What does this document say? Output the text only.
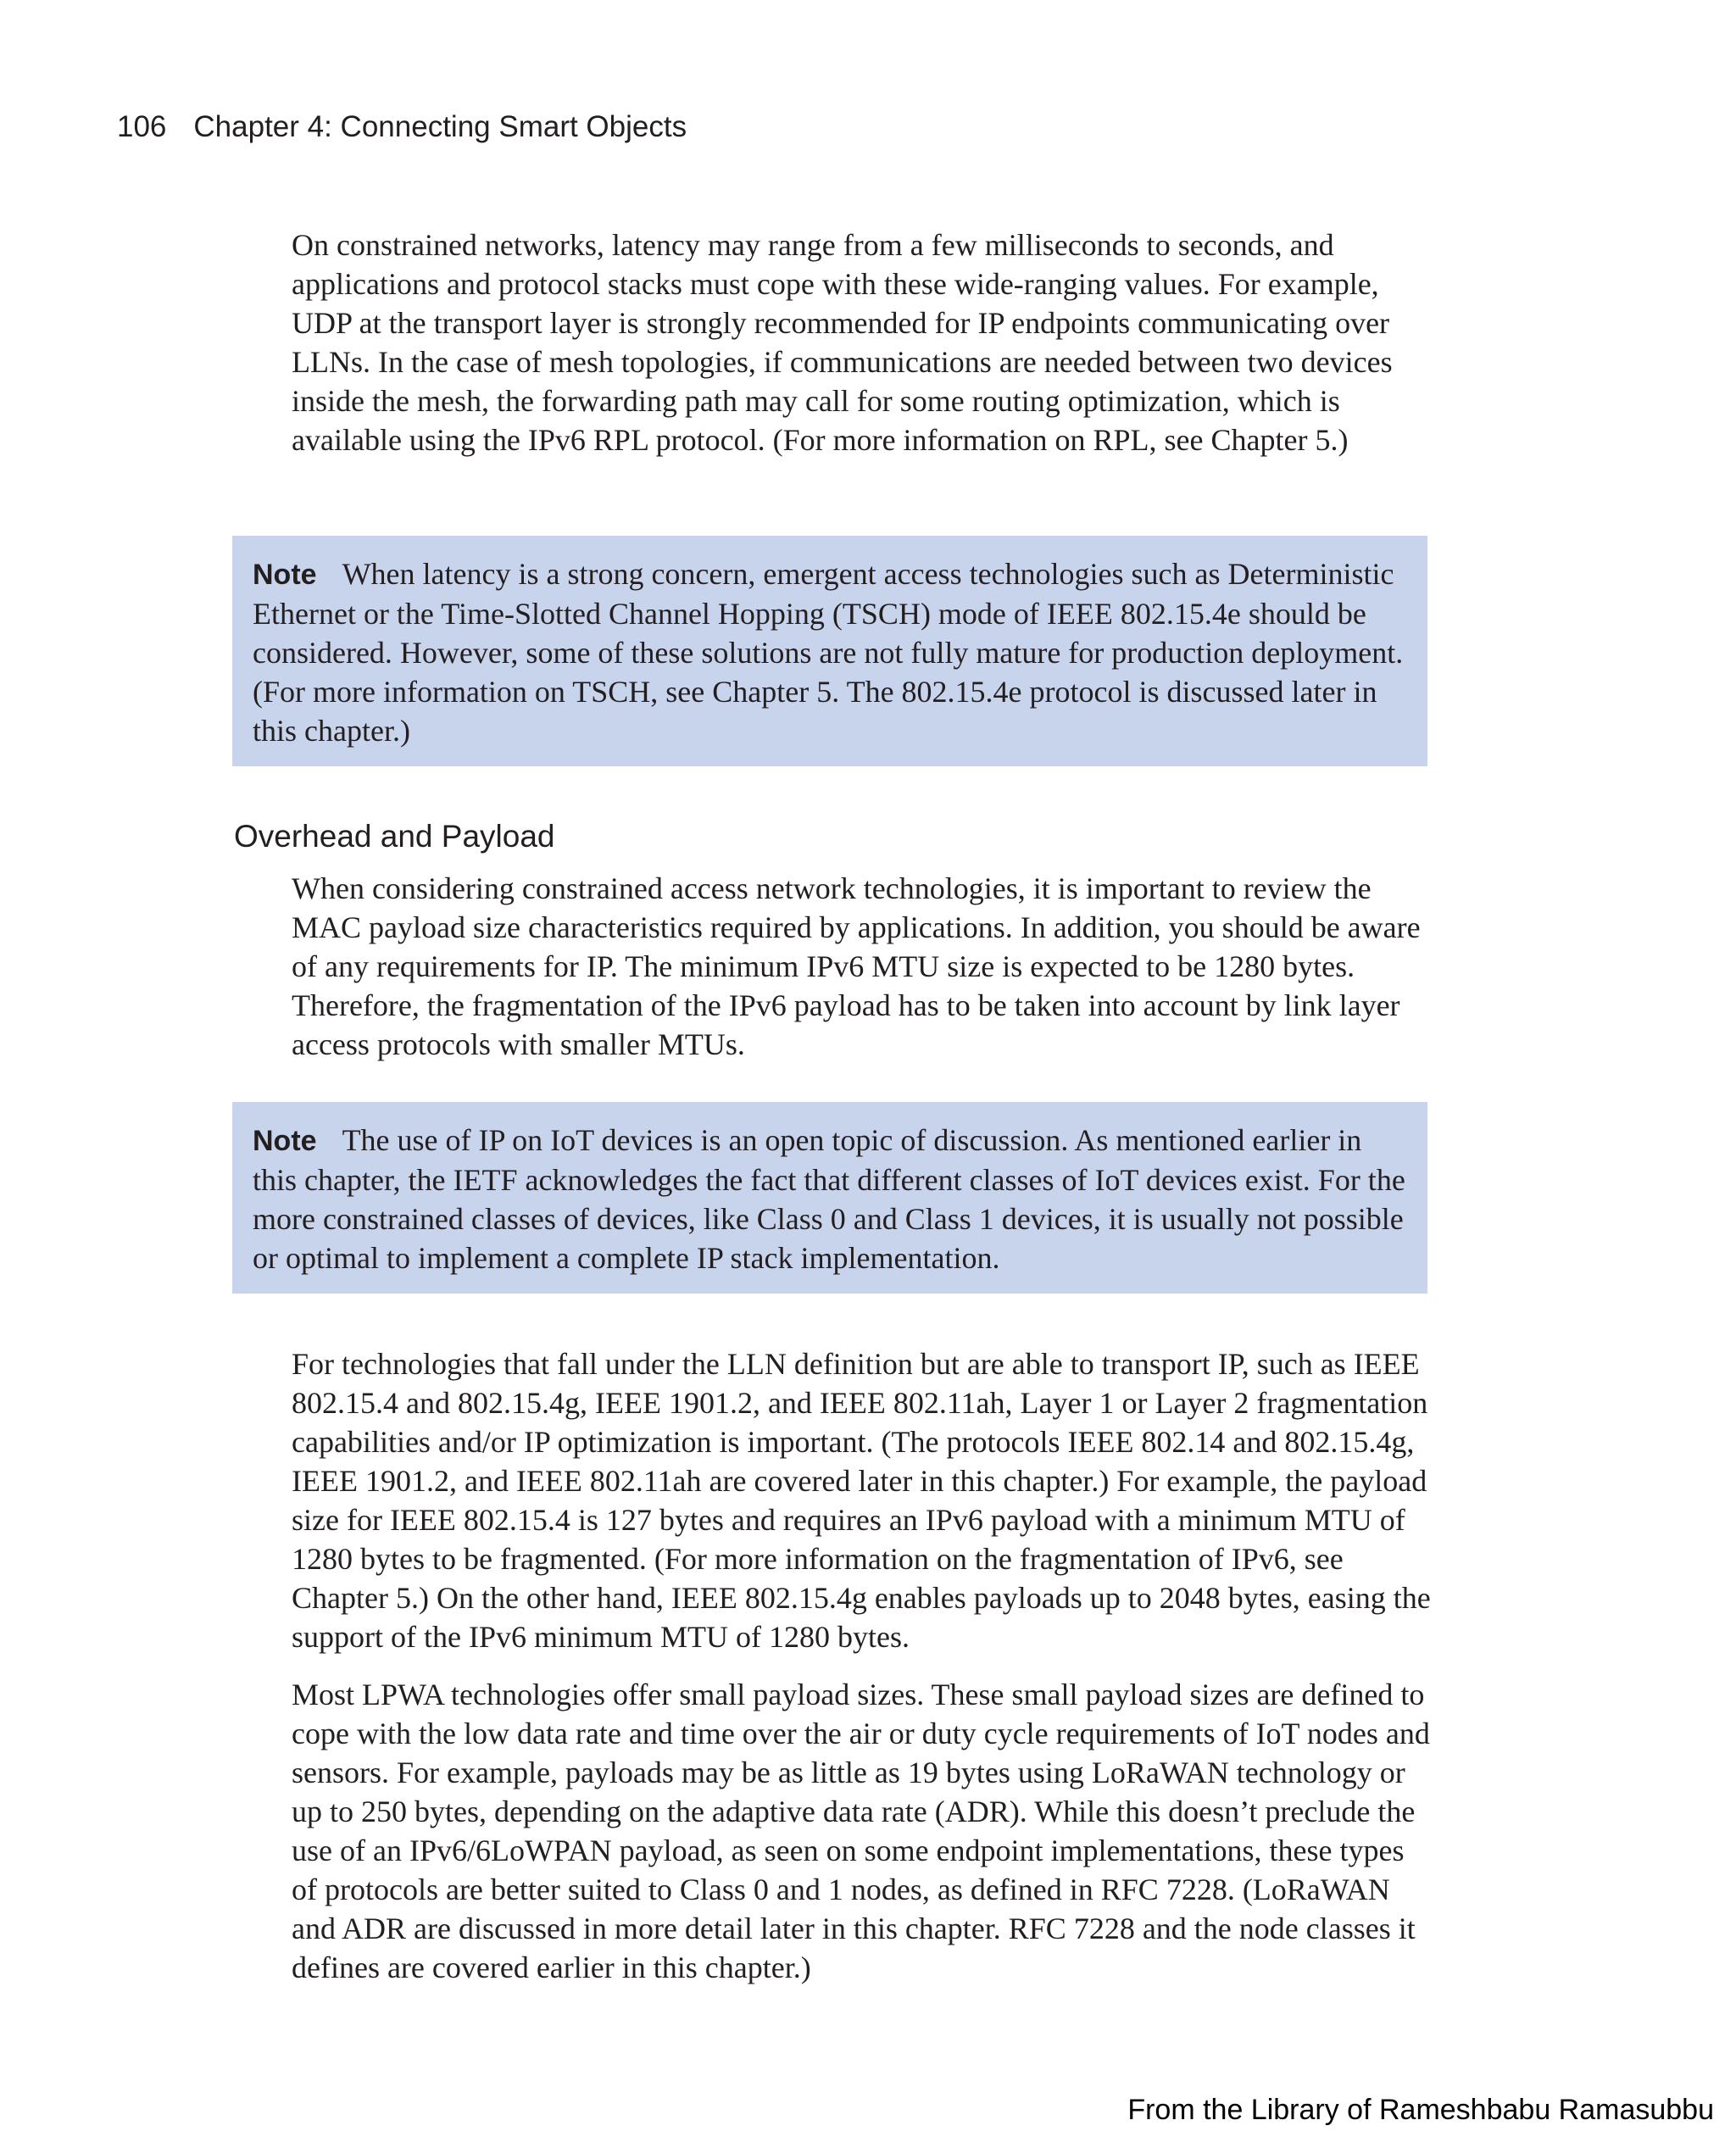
106 Chapter 4: Connecting Smart Objects

On constrained networks, latency may range from a few milliseconds to seconds, and applications and protocol stacks must cope with these wide-ranging values. For example, UDP at the transport layer is strongly recommended for IP endpoints communicating over LLNs. In the case of mesh topologies, if communications are needed between two devices inside the mesh, the forwarding path may call for some routing optimization, which is available using the IPv6 RPL protocol. (For more information on RPL, see Chapter 5.)

Note When latency is a strong concern, emergent access technologies such as Deterministic Ethernet or the Time-Slotted Channel Hopping (TSCH) mode of IEEE 802.15.4e should be considered. However, some of these solutions are not fully mature for production deployment. (For more information on TSCH, see Chapter 5. The 802.15.4e protocol is discussed later in this chapter.)
Overhead and Payload

When considering constrained access network technologies, it is important to review the MAC payload size characteristics required by applications. In addition, you should be aware of any requirements for IP. The minimum IPv6 MTU size is expected to be 1280 bytes. Therefore, the fragmentation of the IPv6 payload has to be taken into account by link layer access protocols with smaller MTUs.

Note The use of IP on IoT devices is an open topic of discussion. As mentioned earlier in this chapter, the IETF acknowledges the fact that different classes of IoT devices exist. For the more constrained classes of devices, like Class 0 and Class 1 devices, it is usually not possible or optimal to implement a complete IP stack implementation.

For technologies that fall under the LLN definition but are able to transport IP, such as IEEE 802.15.4 and 802.15.4g, IEEE 1901.2, and IEEE 802.11ah, Layer 1 or Layer 2 fragmentation capabilities and/or IP optimization is important. (The protocols IEEE 802.14 and 802.15.4g, IEEE 1901.2, and IEEE 802.11ah are covered later in this chapter.) For example, the payload size for IEEE 802.15.4 is 127 bytes and requires an IPv6 payload with a minimum MTU of 1280 bytes to be fragmented. (For more information on the fragmentation of IPv6, see Chapter 5.) On the other hand, IEEE 802.15.4g enables payloads up to 2048 bytes, easing the support of the IPv6 minimum MTU of 1280 bytes.

Most LPWA technologies offer small payload sizes. These small payload sizes are defined to cope with the low data rate and time over the air or duty cycle requirements of IoT nodes and sensors. For example, payloads may be as little as 19 bytes using LoRaWAN technology or up to 250 bytes, depending on the adaptive data rate (ADR). While this doesn’t preclude the use of an IPv6/6LoWPAN payload, as seen on some endpoint implementations, these types of protocols are better suited to Class 0 and 1 nodes, as defined in RFC 7228. (LoRaWAN and ADR are discussed in more detail later in this chapter. RFC 7228 and the node classes it defines are covered earlier in this chapter.)

From the Library of Rameshbabu Ramasubbu
